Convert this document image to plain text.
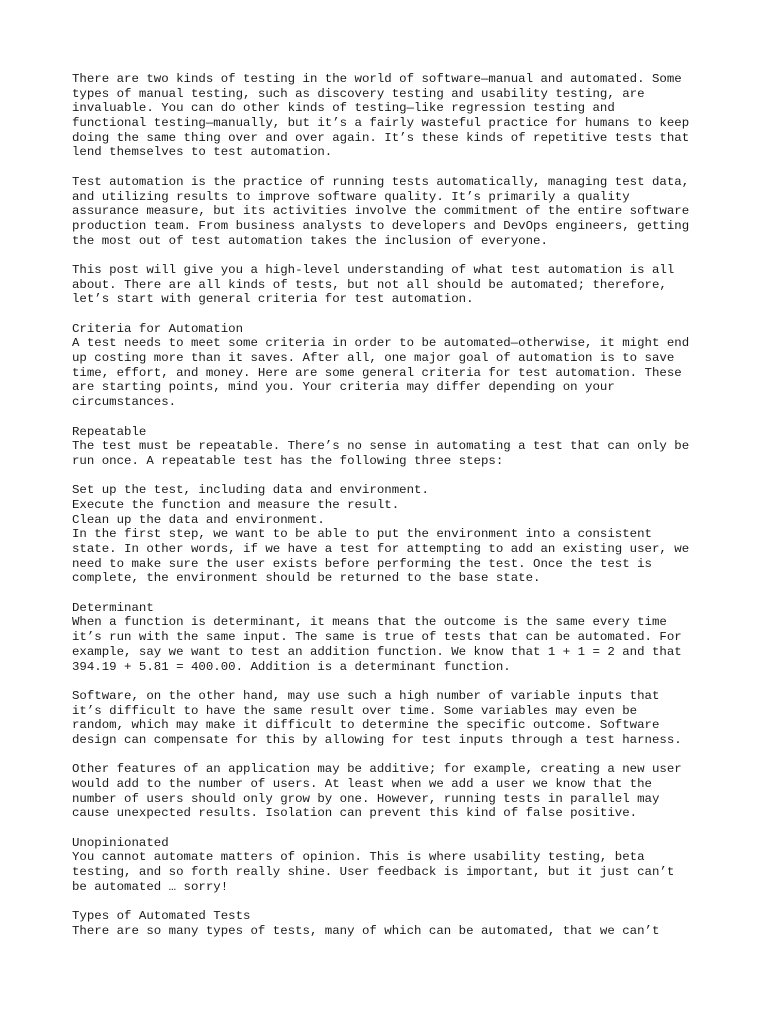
There are two kinds of testing in the world of software—manual and automated. Some
types of manual testing, such as discovery testing and usability testing, are
invaluable. You can do other kinds of testing—like regression testing and
functional testing—manually, but it’s a fairly wasteful practice for humans to keep
doing the same thing over and over again. It’s these kinds of repetitive tests that
lend themselves to test automation.
Test automation is the practice of running tests automatically, managing test data,
and utilizing results to improve software quality. It’s primarily a quality
assurance measure, but its activities involve the commitment of the entire software
production team. From business analysts to developers and DevOps engineers, getting
the most out of test automation takes the inclusion of everyone.
This post will give you a high-level understanding of what test automation is all
about. There are all kinds of tests, but not all should be automated; therefore,
let’s start with general criteria for test automation.
Criteria for Automation
A test needs to meet some criteria in order to be automated—otherwise, it might end
up costing more than it saves. After all, one major goal of automation is to save
time, effort, and money. Here are some general criteria for test automation. These
are starting points, mind you. Your criteria may differ depending on your
circumstances.
Repeatable
The test must be repeatable. There’s no sense in automating a test that can only be
run once. A repeatable test has the following three steps:
Set up the test, including data and environment.
Execute the function and measure the result.
Clean up the data and environment.
In the first step, we want to be able to put the environment into a consistent
state. In other words, if we have a test for attempting to add an existing user, we
need to make sure the user exists before performing the test. Once the test is
complete, the environment should be returned to the base state.
Determinant
When a function is determinant, it means that the outcome is the same every time
it’s run with the same input. The same is true of tests that can be automated. For
example, say we want to test an addition function. We know that 1 + 1 = 2 and that
394.19 + 5.81 = 400.00. Addition is a determinant function.
Software, on the other hand, may use such a high number of variable inputs that
it’s difficult to have the same result over time. Some variables may even be
random, which may make it difficult to determine the specific outcome. Software
design can compensate for this by allowing for test inputs through a test harness.
Other features of an application may be additive; for example, creating a new user
would add to the number of users. At least when we add a user we know that the
number of users should only grow by one. However, running tests in parallel may
cause unexpected results. Isolation can prevent this kind of false positive.
Unopinionated
You cannot automate matters of opinion. This is where usability testing, beta
testing, and so forth really shine. User feedback is important, but it just can’t
be automated … sorry!
Types of Automated Tests
There are so many types of tests, many of which can be automated, that we can’t
